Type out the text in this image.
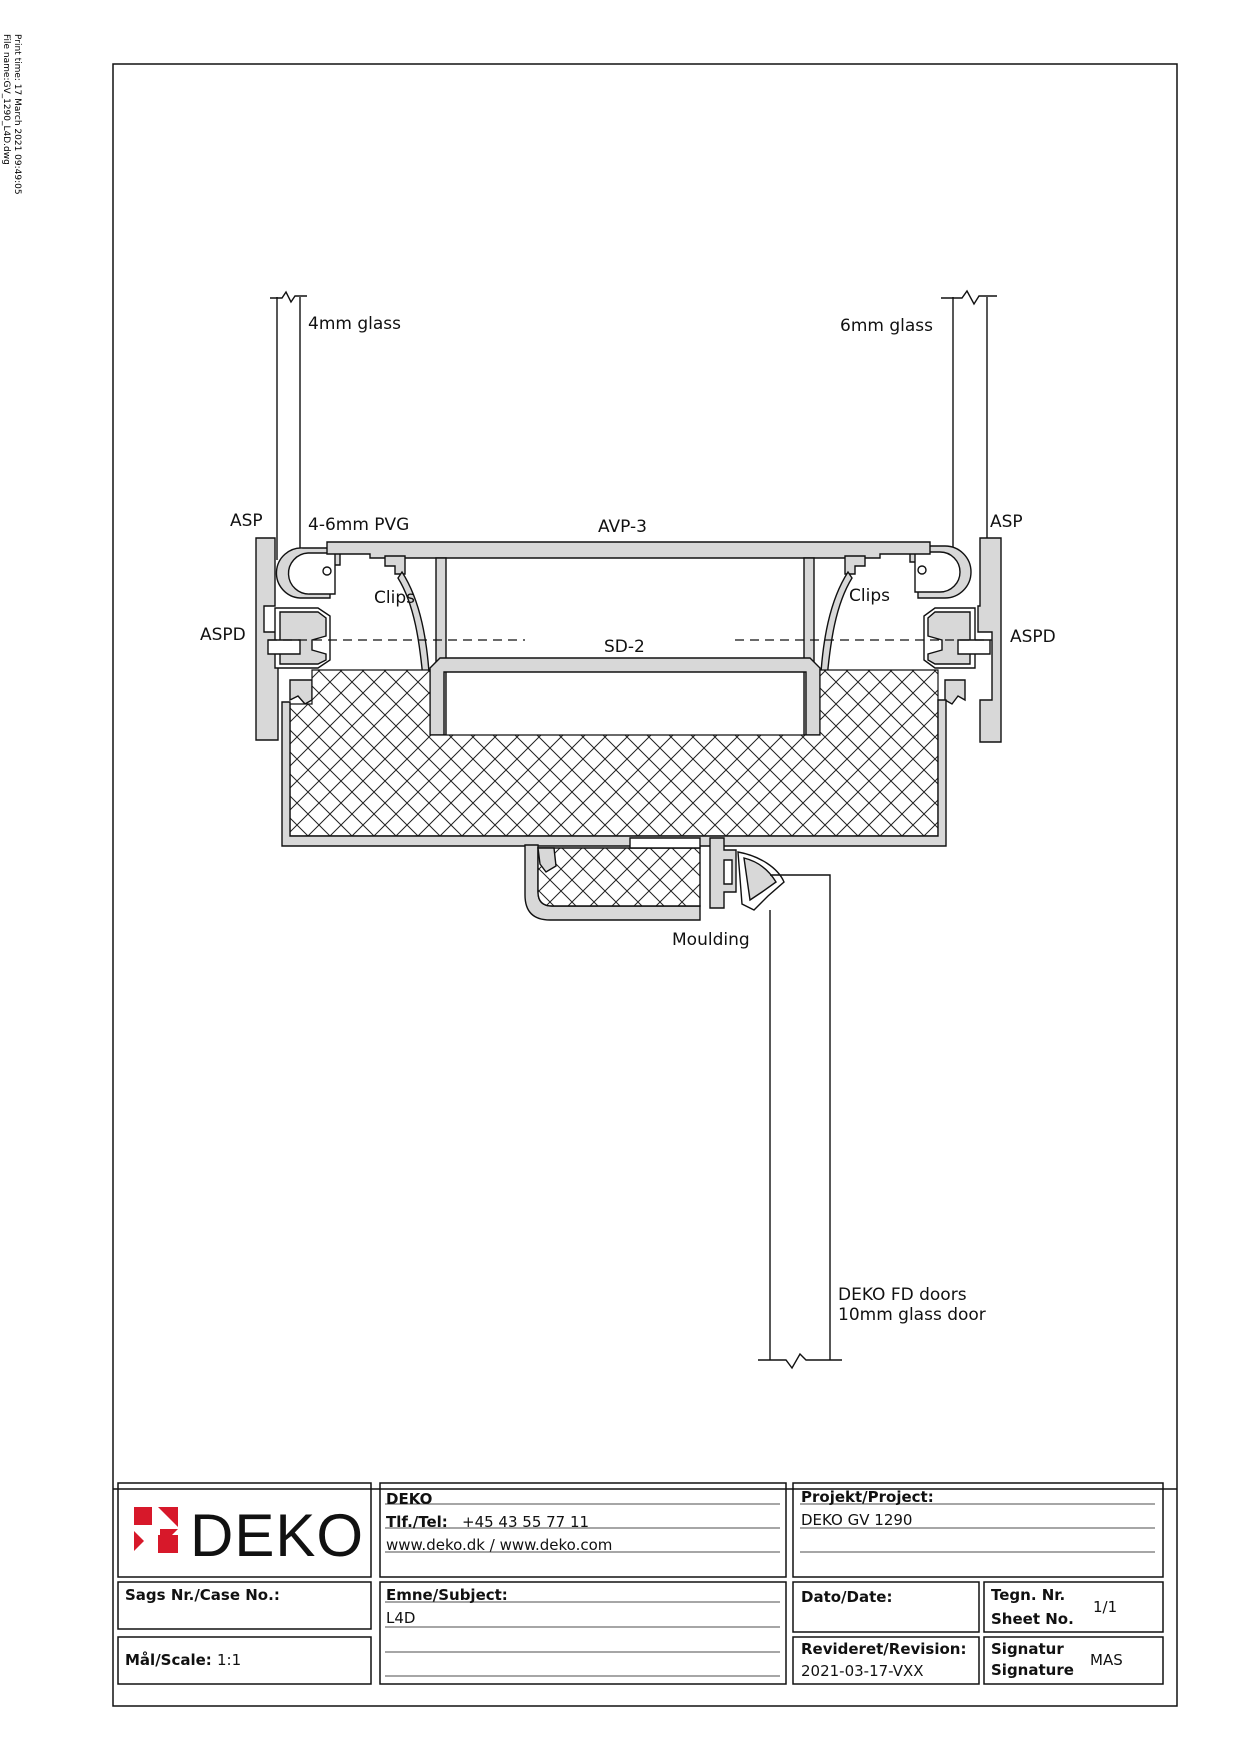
Print time: 17 March 2021 09:49:05
File name:GV_1290_L4D.dwg
4mm glass	6mm glass
ASP	4-6mm PVG	AVP-3	ASP
Clips	Clips
ASPD	ASPD
SD-2
Moulding
DEKO FD doors
10mm glass door
DEKO
DEKO
Tlf./Tel: +45 43 55 77 11
www.deko.dk / www.deko.com
Projekt/Project:
DEKO GV 1290
Sags Nr./Case No.:	Emne/Subject:
L4D
Dato/Date:	Tegn. Nr.
Sheet No.
1/1
Mål/Scale: 1:1
Revideret/Revision:
2021-03-17-VXX
Signatur
Signature
MAS
